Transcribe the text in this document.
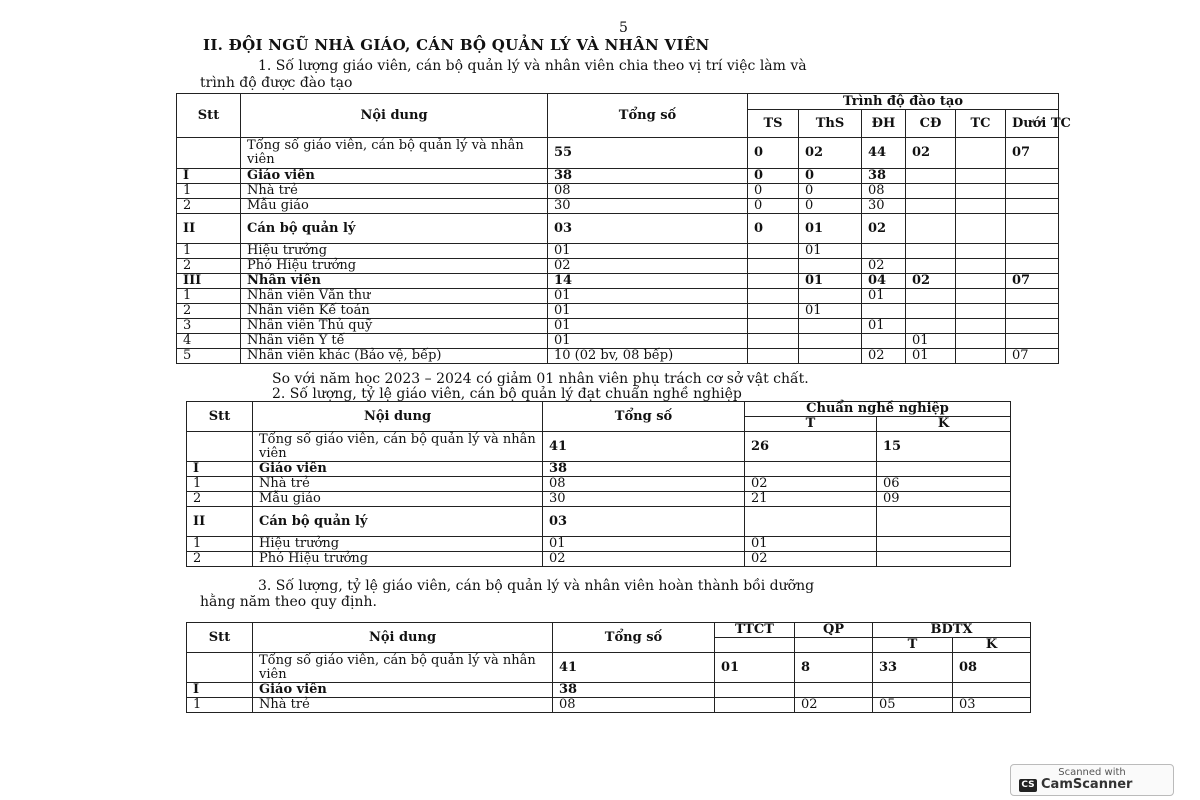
5
II. ĐỘI NGŨ NHÀ GIÁO, CÁN BỘ QUẢN LÝ VÀ NHÂN VIÊN
1. Số lượng giáo viên, cán bộ quản lý và nhân viên chia theo vị trí việc làm và
trình độ được đào tạo
Stt	Nội dung	Tổng số	Trình độ đào tạo					
			TS	ThS	ĐH	CĐ	TC	Dưới TC
	Tổng số giáo viên, cán bộ quản lý và nhân viên	55	0	02	44	02		07
I	Giáo viên	38	0	0	38			
1	Nhà trẻ	08	0	0	08			
2	Mẫu giáo	30	0	0	30			
II	Cán bộ quản lý	03	0	01	02			
1	Hiệu trưởng	01		01				
2	Phó Hiệu trưởng	02			02			
III	Nhân viên	14		01	04	02		07
1	Nhân viên Văn thư	01			01			
2	Nhân viên Kế toán	01		01				
3	Nhân viên Thủ quỹ	01			01			
4	Nhân viên Y tế	01				01		
5	Nhân viên khác (Bảo vệ, bếp)	10 (02 bv, 08 bếp)			02	01		07
So với năm học 2023 – 2024 có giảm 01 nhân viên phụ trách cơ sở vật chất.
2. Số lượng, tỷ lệ giáo viên, cán bộ quản lý đạt chuẩn nghề nghiệp
Stt	Nội dung	Tổng số	Chuẩn nghề nghiệp	
			T	K
	Tổng số giáo viên, cán bộ quản lý và nhân viên	41	26	15
I	Giáo viên	38		
1	Nhà trẻ	08	02	06
2	Mẫu giáo	30	21	09
II	Cán bộ quản lý	03		
1	Hiệu trưởng	01	01	
2	Phó Hiệu trưởng	02	02	
3. Số lượng, tỷ lệ giáo viên, cán bộ quản lý và nhân viên hoàn thành bồi dưỡng
hằng năm theo quy định.
Stt	Nội dung	Tổng số	TTCT	QP	BDTX	
					T	K
	Tổng số giáo viên, cán bộ quản lý và nhân viên	41	01	8	33	08
I	Giáo viên	38				
1	Nhà trẻ	08		02	05	03
Scanned with
CS CamScanner
